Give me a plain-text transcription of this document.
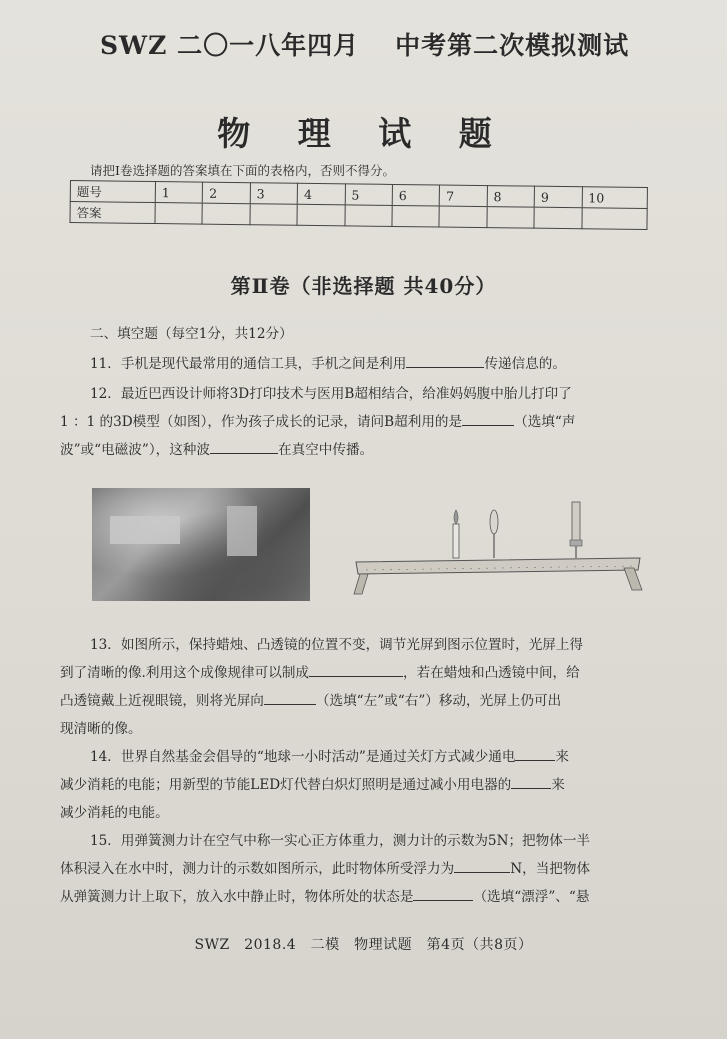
SWZ 二〇一八年四月 中考第二次模拟测试
物 理 试 题
请把Ⅰ卷选择题的答案填在下面的表格内，否则不得分。
题号	1	2	3	4	5	6	7	8	9	10
答案										
第Ⅱ卷（非选择题 共40分）
二、填空题（每空1分，共12分）
11．手机是现代最常用的通信工具，手机之间是利用	传递信息的。
12．最近巴西设计师将3D打印技术与医用B超相结合，给准妈妈腹中胎儿打印了
1 ：1 的3D模型（如图），作为孩子成长的记录，请问B超利用的是	（选填“声
波”或“电磁波”），这种波	在真空中传播。
13．如图所示，保持蜡烛、凸透镜的位置不变，调节光屏到图示位置时，光屏上得
到了清晰的像.利用这个成像规律可以制成	，若在蜡烛和凸透镜中间，给
凸透镜戴上近视眼镜，则将光屏向	（选填“左”或“右”）移动，光屏上仍可出
现清晰的像。
14．世界自然基金会倡导的“地球一小时活动”是通过关灯方式减少通电	来
减少消耗的电能；用新型的节能LED灯代替白炽灯照明是通过减小用电器的	来
减少消耗的电能。
15．用弹簧测力计在空气中称一实心正方体重力，测力计的示数为5N；把物体一半
体积浸入在水中时，测力计的示数如图所示，此时物体所受浮力为	N，当把物体
从弹簧测力计上取下，放入水中静止时，物体所处的状态是	（选填“漂浮”、“悬
SWZ　2018.4　二模　物理试题　第4页（共8页）
